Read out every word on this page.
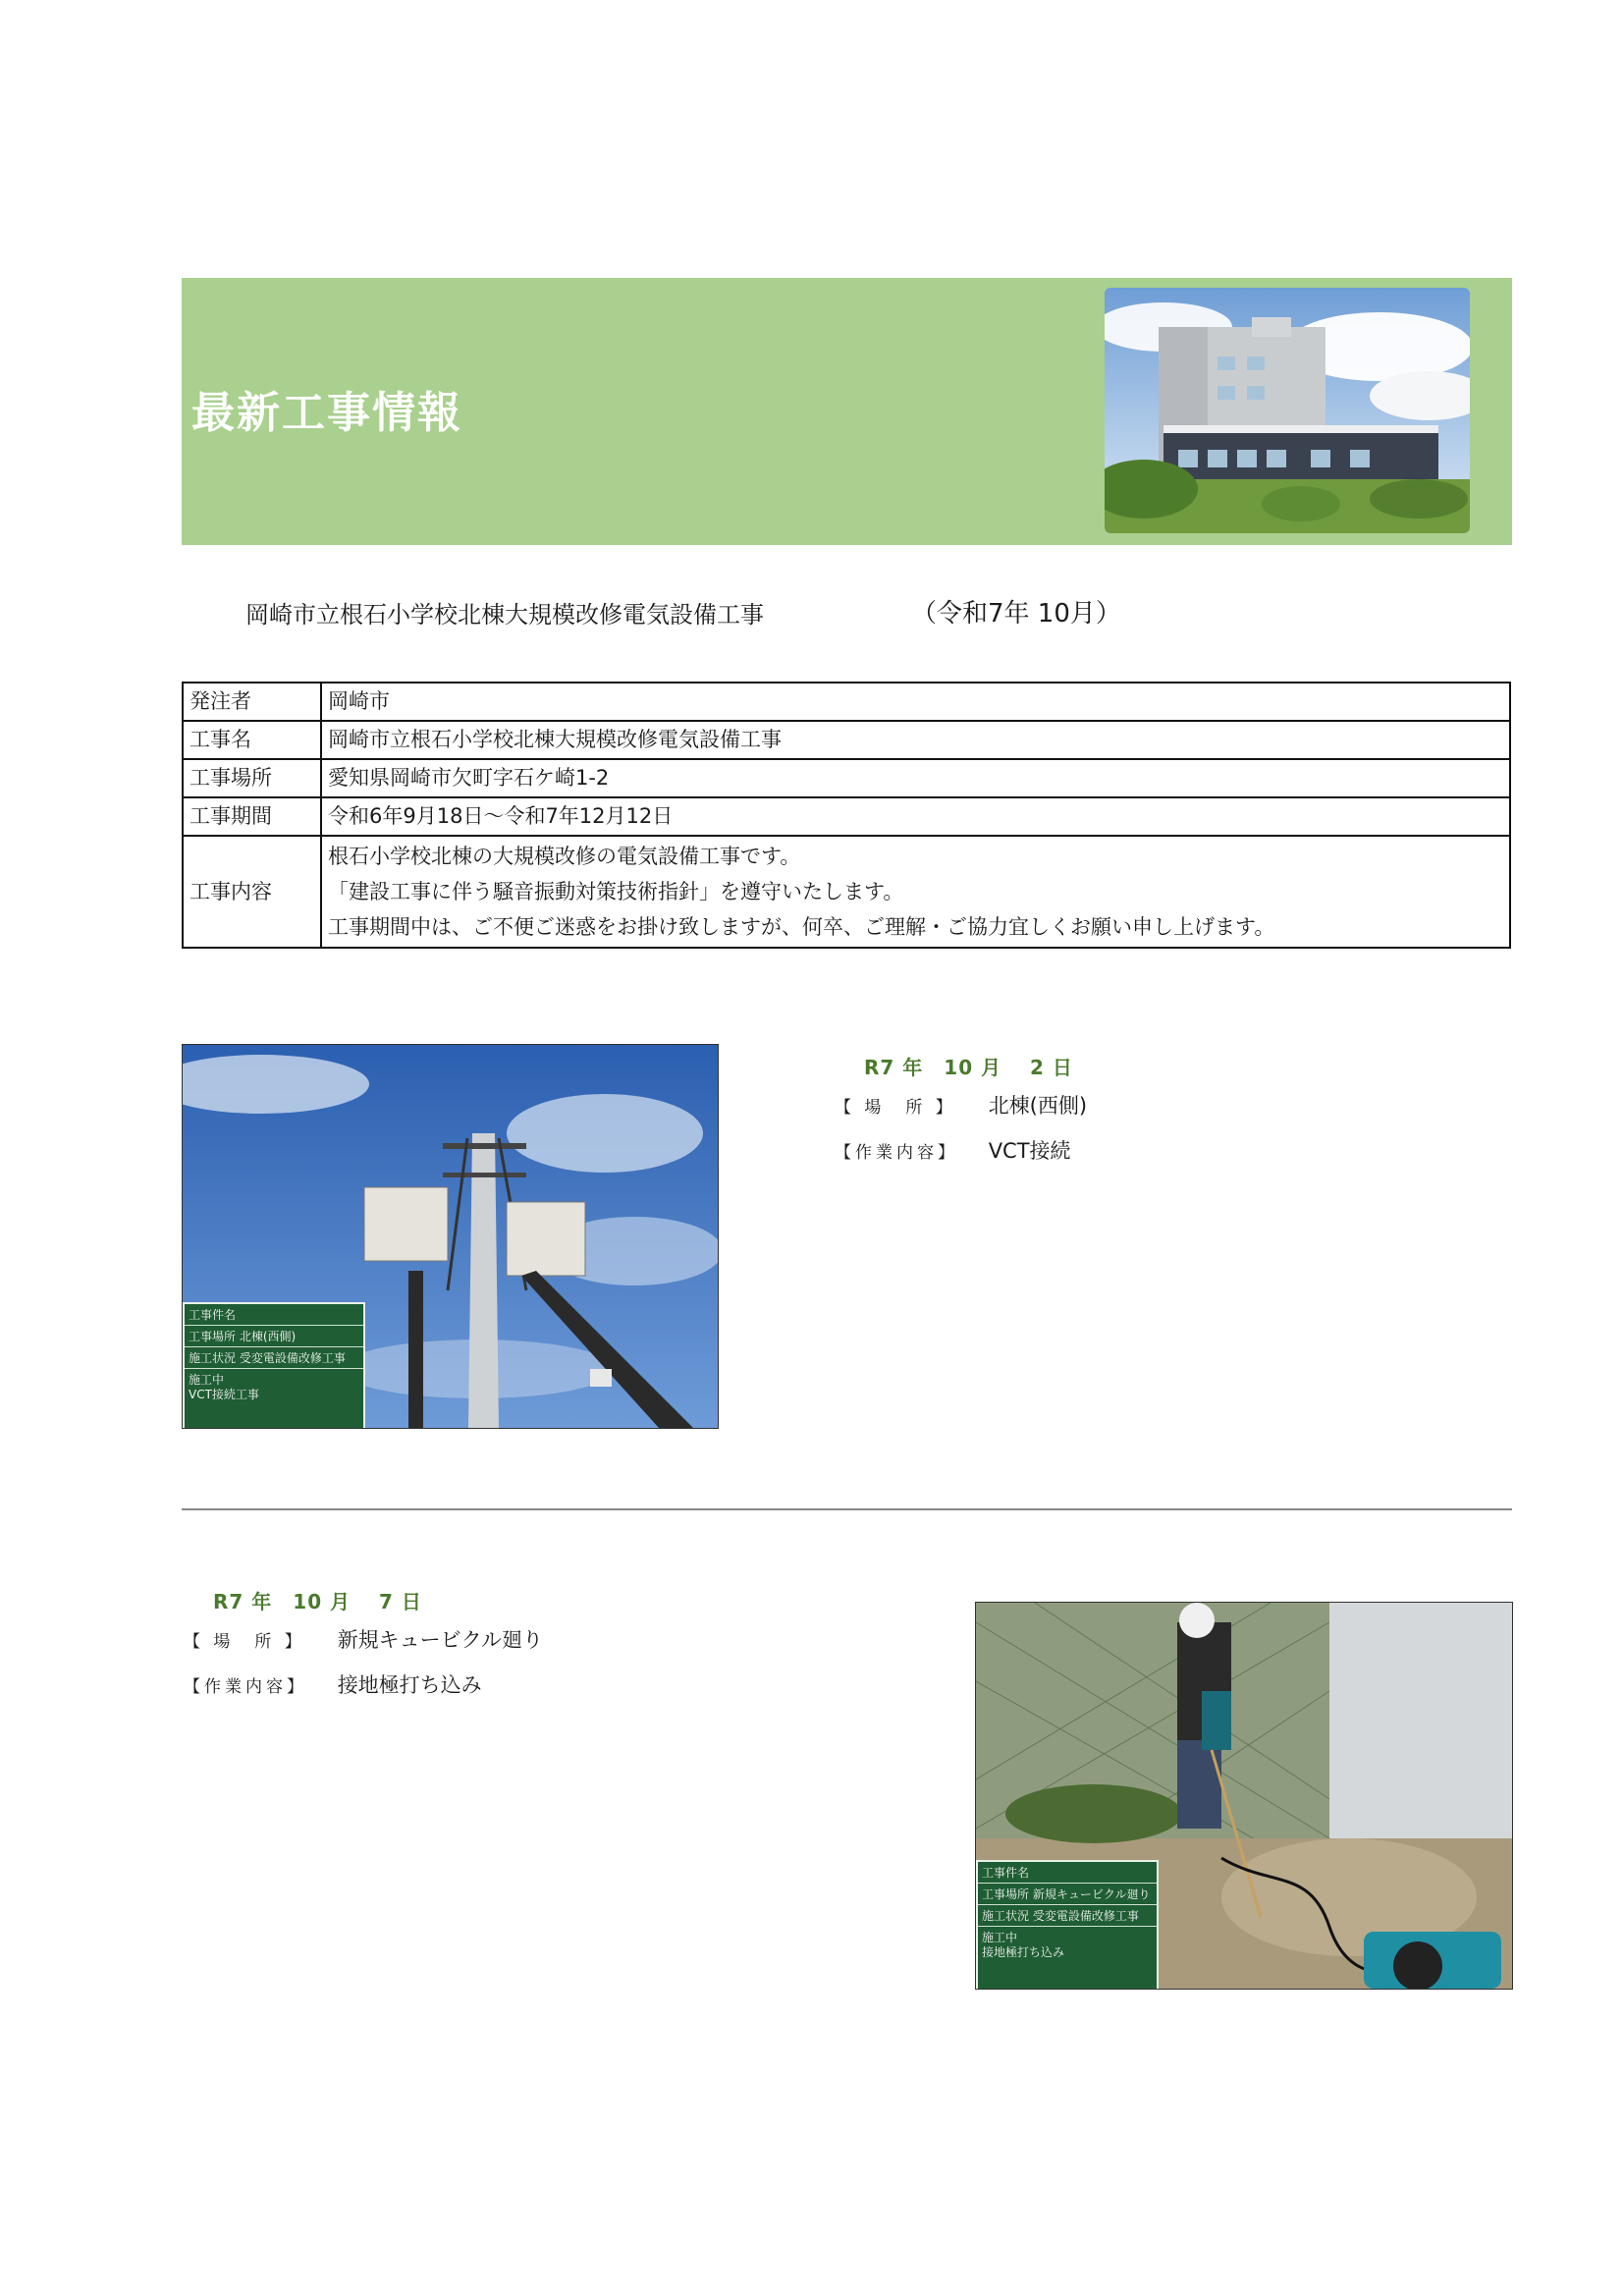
最新工事情報
岡崎市立根石小学校北棟大規模改修電気設備工事	（令和7年 10月）
発注者	岡崎市
工事名	岡崎市立根石小学校北棟大規模改修電気設備工事
工事場所	愛知県岡崎市欠町字石ケ崎1-2
工事期間	令和6年9月18日～令和7年12月12日
工事内容	根石小学校北棟の大規模改修の電気設備工事です。
「建設工事に伴う騒音振動対策技術指針」を遵守いたします。
工事期間中は、ご不便ご迷惑をお掛け致しますが、何卒、ご理解・ご協力宜しくお願い申し上げます。
工事件名
工事場所 北棟(西側)
施工状況 受変電設備改修工事
施工中
VCT接続工事
R7 年　10 月　 2 日
【 場　所 】 北棟(西側)
【作業内容】 VCT接続
R7 年　10 月　 7 日
【 場　所 】 新規キュービクル廻り
【作業内容】 接地極打ち込み
工事件名
工事場所 新規キュービクル廻り
施工状況 受変電設備改修工事
施工中
接地極打ち込み
